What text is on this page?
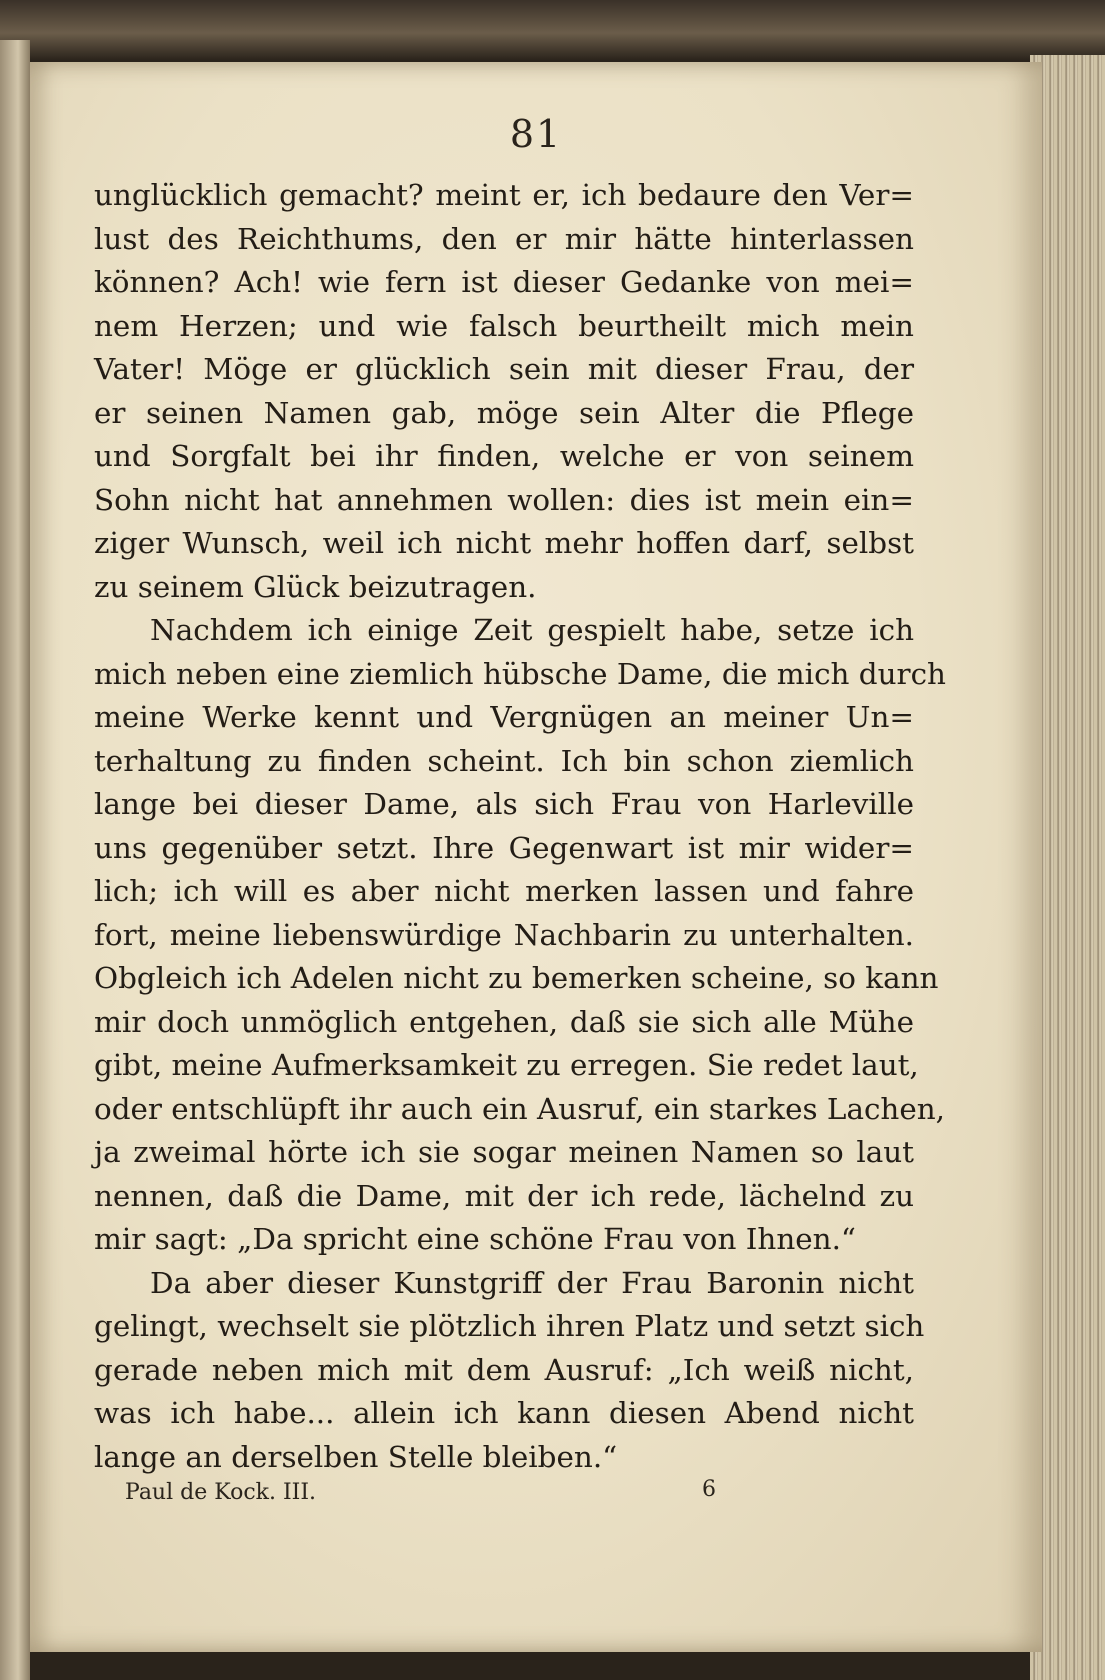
81
unglücklich gemacht? meint er, ich bedaure den Ver=
lust des Reichthums, den er mir hätte hinterlassen
können? Ach! wie fern ist dieser Gedanke von mei=
nem Herzen; und wie falsch beurtheilt mich mein
Vater! Möge er glücklich sein mit dieser Frau, der
er seinen Namen gab, möge sein Alter die Pflege
und Sorgfalt bei ihr finden, welche er von seinem
Sohn nicht hat annehmen wollen: dies ist mein ein=
ziger Wunsch, weil ich nicht mehr hoffen darf, selbst
zu seinem Glück beizutragen.
Nachdem ich einige Zeit gespielt habe, setze ich
mich neben eine ziemlich hübsche Dame, die mich durch
meine Werke kennt und Vergnügen an meiner Un=
terhaltung zu finden scheint. Ich bin schon ziemlich
lange bei dieser Dame, als sich Frau von Harleville
uns gegenüber setzt. Ihre Gegenwart ist mir wider=
lich; ich will es aber nicht merken lassen und fahre
fort, meine liebenswürdige Nachbarin zu unterhalten.
Obgleich ich Adelen nicht zu bemerken scheine, so kann
mir doch unmöglich entgehen, daß sie sich alle Mühe
gibt, meine Aufmerksamkeit zu erregen. Sie redet laut,
oder entschlüpft ihr auch ein Ausruf, ein starkes Lachen,
ja zweimal hörte ich sie sogar meinen Namen so laut
nennen, daß die Dame, mit der ich rede, lächelnd zu
mir sagt: „Da spricht eine schöne Frau von Ihnen.“
Da aber dieser Kunstgriff der Frau Baronin nicht
gelingt, wechselt sie plötzlich ihren Platz und setzt sich
gerade neben mich mit dem Ausruf: „Ich weiß nicht,
was ich habe... allein ich kann diesen Abend nicht
lange an derselben Stelle bleiben.“
Paul de Kock. III.	6
